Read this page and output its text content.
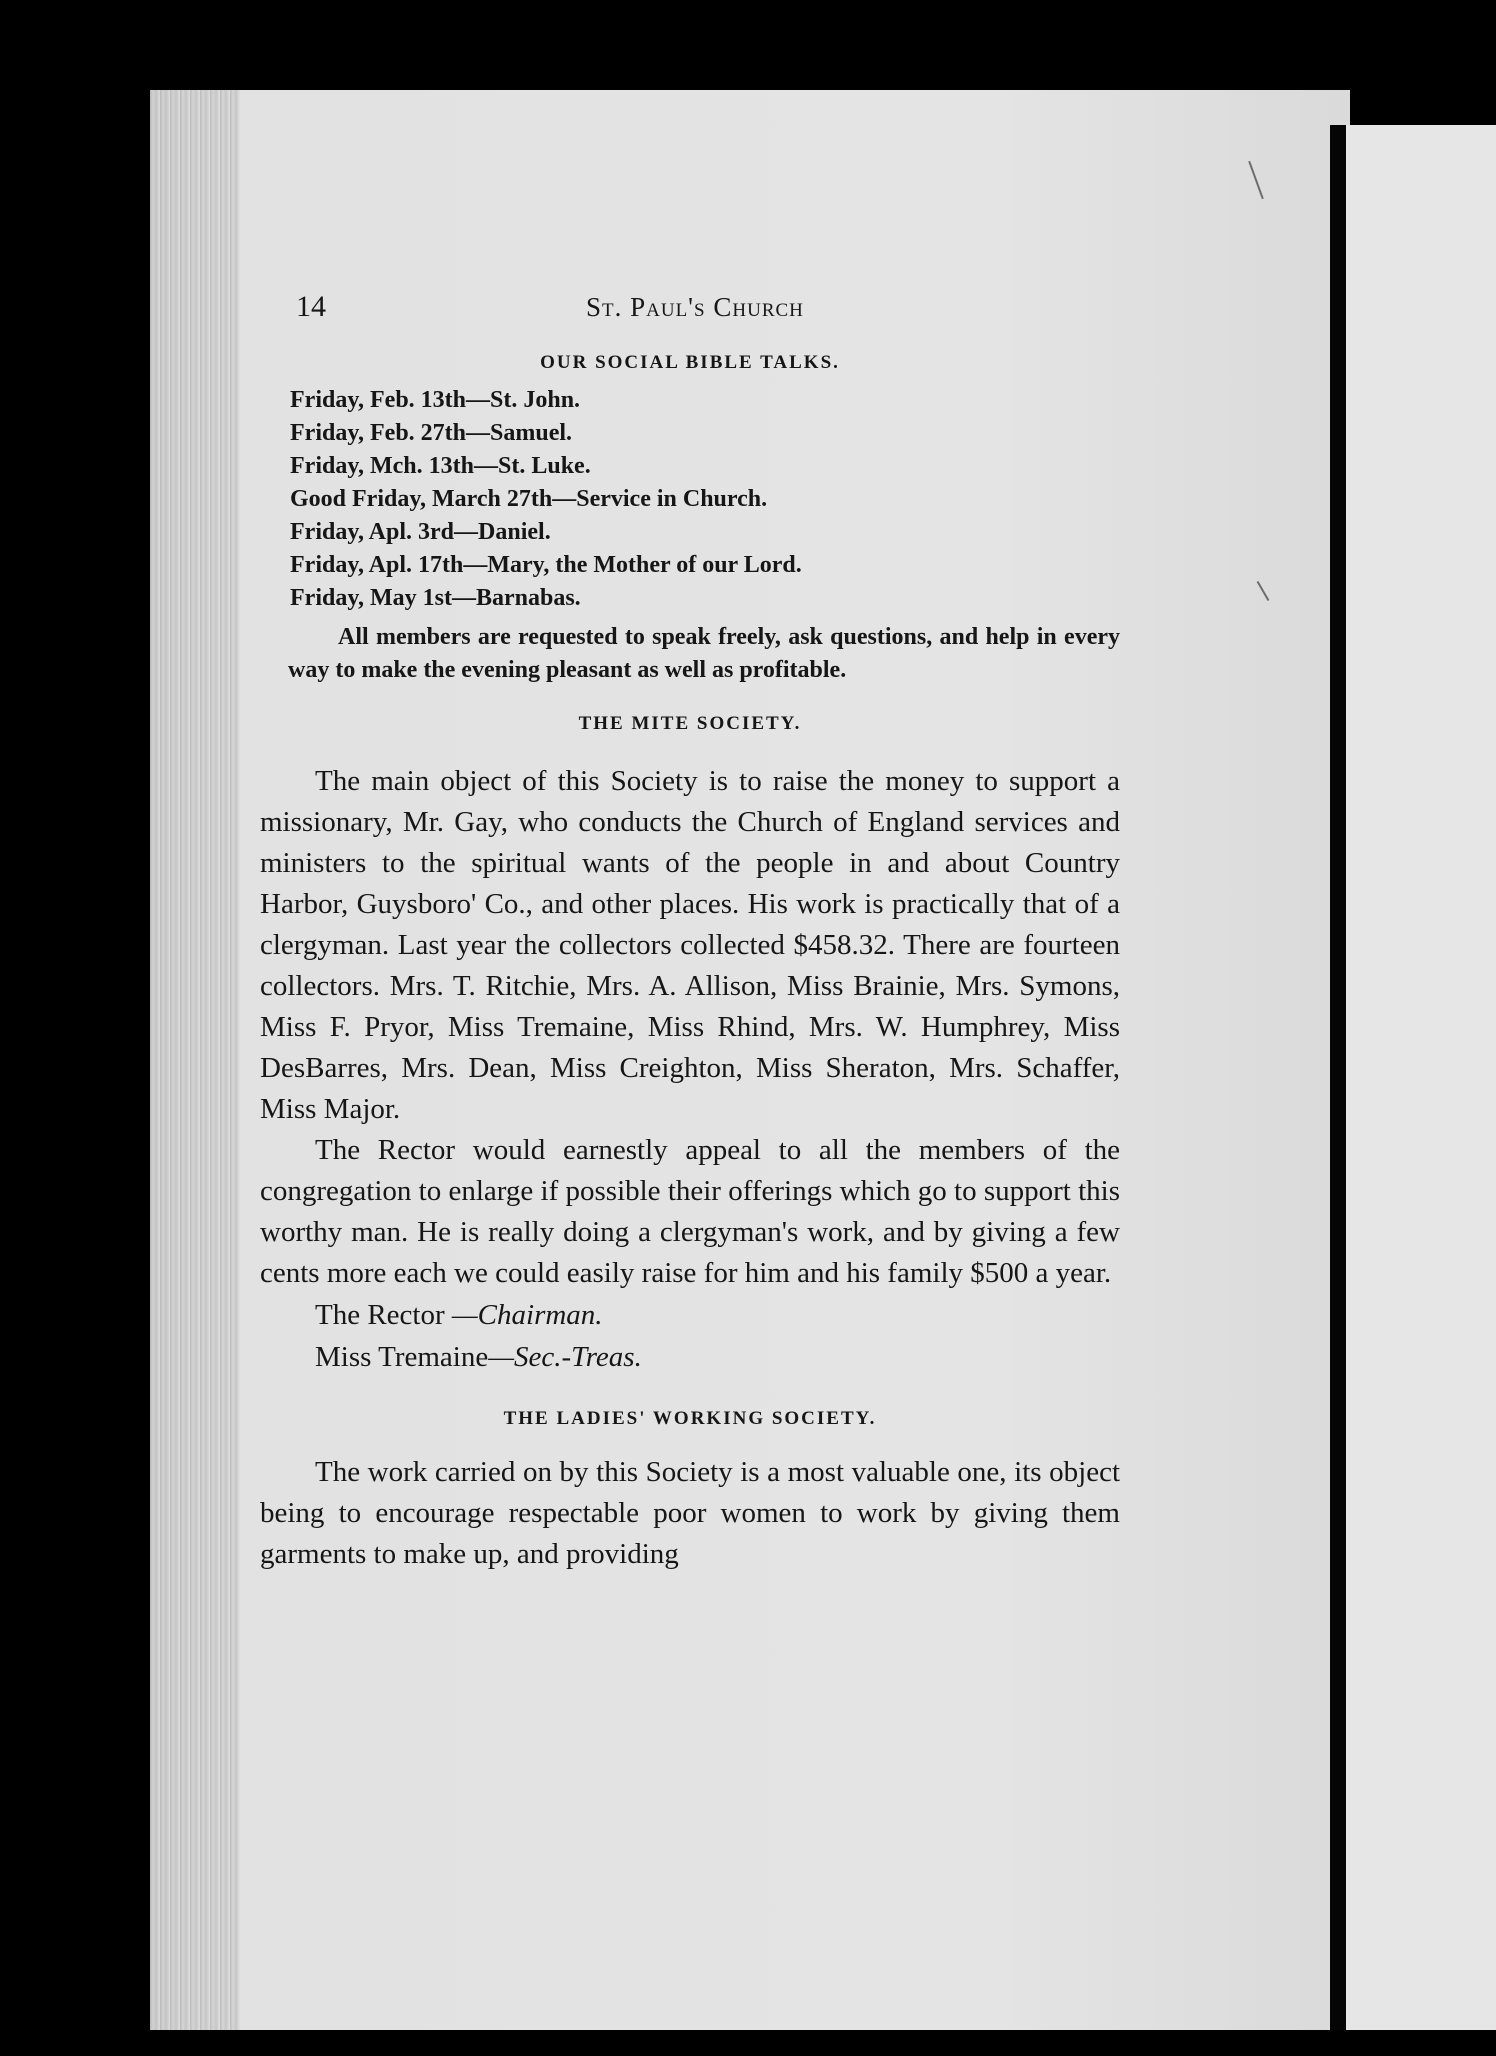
14	St. Paul's Church
OUR SOCIAL BIBLE TALKS.
Friday, Feb. 13th—St. John.
Friday, Feb. 27th—Samuel.
Friday, Mch. 13th—St. Luke.
Good Friday, March 27th—Service in Church.
Friday, Apl. 3rd—Daniel.
Friday, Apl. 17th—Mary, the Mother of our Lord.
Friday, May 1st—Barnabas.

All members are requested to speak freely, ask questions, and help in every way to make the evening pleasant as well as profitable.

THE MITE SOCIETY.

The main object of this Society is to raise the money to support a missionary, Mr. Gay, who conducts the Church of England services and ministers to the spiritual wants of the people in and about Country Harbor, Guysboro' Co., and other places. His work is practically that of a clergyman. Last year the collectors collected $458.32. There are fourteen collectors. Mrs. T. Ritchie, Mrs. A. Allison, Miss Brainie, Mrs. Symons, Miss F. Pryor, Miss Tremaine, Miss Rhind, Mrs. W. Humphrey, Miss DesBarres, Mrs. Dean, Miss Creighton, Miss Sheraton, Mrs. Schaffer, Miss Major.

The Rector would earnestly appeal to all the members of the congregation to enlarge if possible their offerings which go to support this worthy man. He is really doing a clergyman's work, and by giving a few cents more each we could easily raise for him and his family $500 a year.

The Rector —Chairman.

Miss Tremaine—Sec.-Treas.

THE LADIES' WORKING SOCIETY.

The work carried on by this Society is a most valuable one, its object being to encourage respectable poor women to work by giving them garments to make up, and providing
